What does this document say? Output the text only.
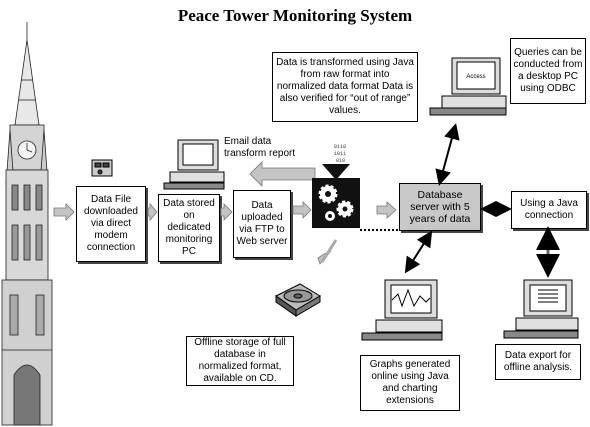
Peace Tower Monitoring System
Data File downloaded via direct modem connection
Data stored on dedicated monitoring PC
Data uploaded via FTP to Web server
Database server with 5 years of data
Using a Java connection
Data is transformed using Java from raw format into normalized data format Data is also verified for “out of range” values.
Queries can be conducted from a desktop PC using ODBC
Offline storage of full database in normalized format, available on CD.
Graphs generated online using Java and charting extensions
Data export for offline analysis.
Email data transform report
Access
0110
1011
010
